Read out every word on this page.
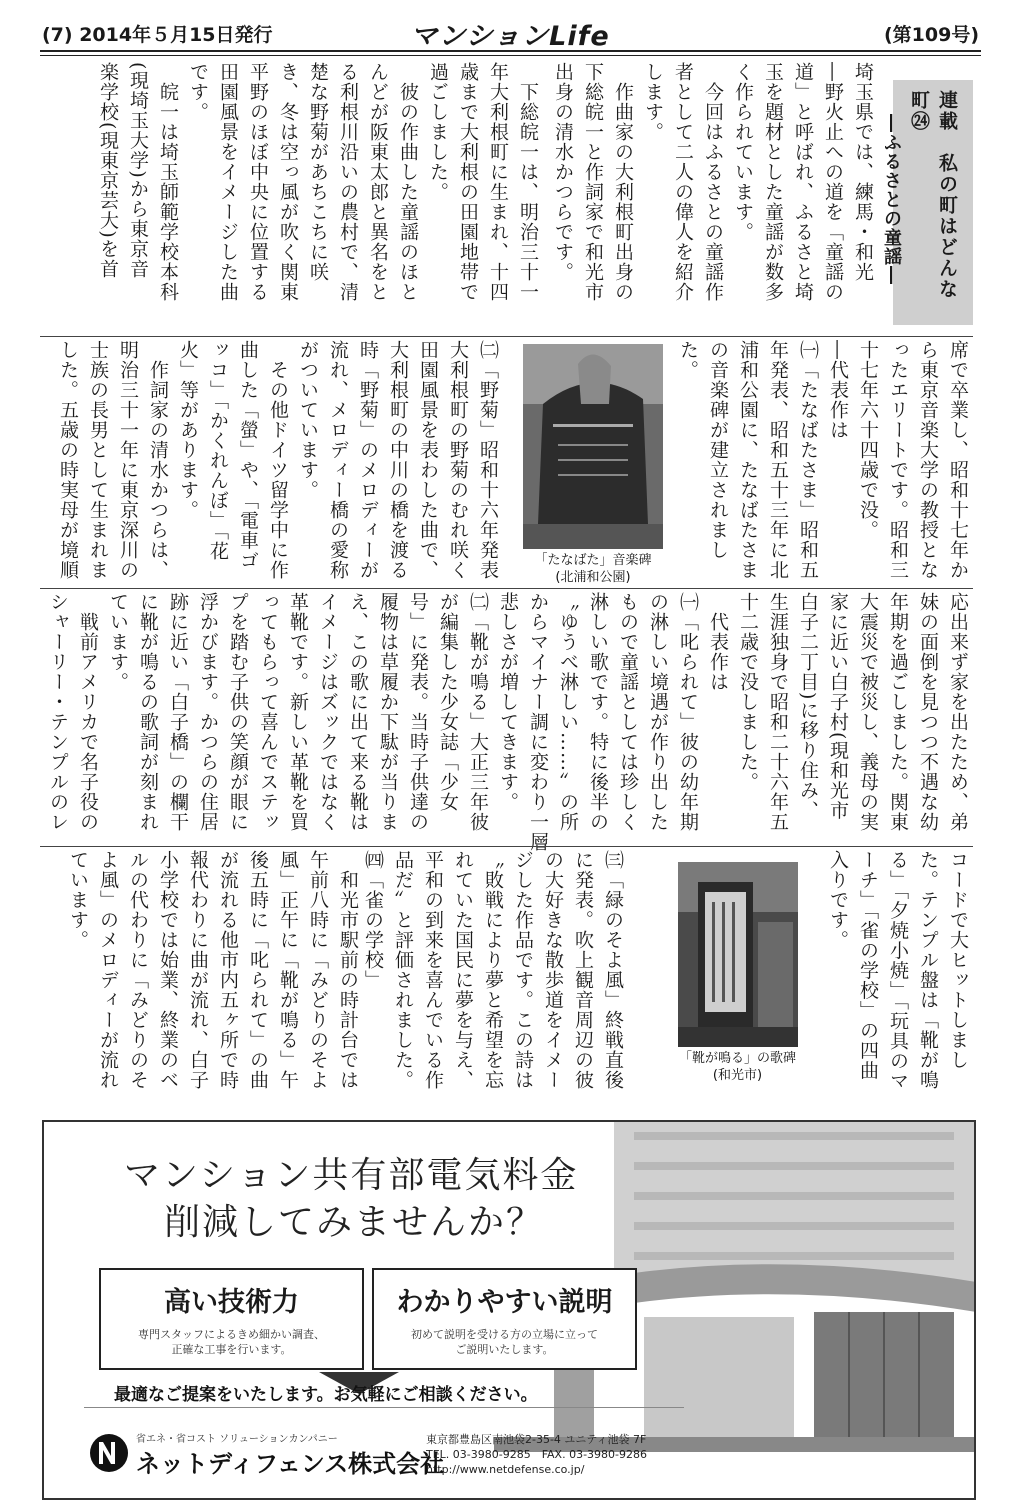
(7) 2014年５月15日発行	マンションLife	(第109号)
連載　私の町はどんな町㉔
―ふるさとの童謡―
埼玉県では、練馬・和光
―野火止への道を「童謡の
道」と呼ばれ、ふるさと埼
玉を題材とした童謡が数多
く作られています。
　今回はふるさとの童謡作
者として二人の偉人を紹介
します。
　作曲家の大利根町出身の
下総皖一と作詞家で和光市
出身の清水かつらです。
　下総皖一は、明治三十一
年大利根町に生まれ、十四
歳まで大利根の田園地帯で
過ごしました。
　彼の作曲した童謡のほと
んどが阪東太郎と異名をと
る利根川沿いの農村で、清
楚な野菊があちこちに咲
き、冬は空っ風が吹く関東
平野のほぼ中央に位置する
田園風景をイメージした曲
です。
　皖一は埼玉師範学校本科
(現埼玉大学)から東京音
楽学校(現東京芸大)を首
席で卒業し、昭和十七年か
ら東京音楽大学の教授とな
ったエリートです。昭和三
十七年六十四歳で没。
―代表作は
㈠「たなばたさま」昭和五
年発表、昭和五十三年に北
浦和公園に、たなばたさま
の音楽碑が建立されまし
た。
「たなばた」音楽碑
(北浦和公園)
㈡「野菊」昭和十六年発表
大利根町の野菊のむれ咲く
田園風景を表わした曲で、
大利根町の中川の橋を渡る
時「野菊」のメロディーが
流れ、メロディー橋の愛称
がついています。
　その他ドイツ留学中に作
曲した「螢」や、「電車ゴ
ッコ」「かくれんぼ」「花
火」等があります。
　作詞家の清水かつらは、
明治三十一年に東京深川の
士族の長男として生まれま
した。五歳の時実母が境順
応出来ず家を出たため、弟
妹の面倒を見つつ不遇な幼
年期を過ごしました。関東
大震災で被災し、義母の実
家に近い白子村(現和光市
白子二丁目)に移り住み、
生涯独身で昭和二十六年五
十二歳で没しました。
　代表作は
㈠「叱られて」彼の幼年期
の淋しい境遇が作り出した
もので童謡としては珍しく
淋しい歌です。特に後半の
〝ゆうべ淋しい……〟の所
からマイナー調に変わり一層
悲しさが増してきます。
㈡「靴が鳴る」大正三年彼
が編集した少女誌「少女
号」に発表。当時子供達の
履物は草履か下駄が当りま
え、この歌に出て来る靴は
イメージはズックではなく
革靴です。新しい革靴を買
ってもらって喜んでステッ
プを踏む子供の笑顔が眼に
浮かびます。かつらの住居
跡に近い「白子橋」の欄干
に靴が鳴るの歌詞が刻まれ
ています。
　戦前アメリカで名子役の
シャーリー・テンプルのレ
コードで大ヒットしまし
た。テンプル盤は「靴が鳴
る」「夕焼小焼」「玩具のマ
ーチ」「雀の学校」の四曲
入りです。
「靴が鳴る」の歌碑
(和光市)
㈢「緑のそよ風」終戦直後
に発表。吹上観音周辺の彼
の大好きな散歩道をイメー
ジした作品です。この詩は
〝敗戦により夢と希望を忘
れていた国民に夢を与え、
平和の到来を喜んでいる作
品だ〟と評価されました。
㈣「雀の学校」
　和光市駅前の時計台では
午前八時に「みどりのそよ
風」正午に「靴が鳴る」午
後五時に「叱られて」の曲
が流れる他市内五ヶ所で時
報代わりに曲が流れ、白子
小学校では始業、終業のベ
ルの代わりに「みどりのそ
よ風」のメロディーが流れ
ています。

マンション共有部電気料金
削減してみませんか？
高い技術力
専門スタッフによるきめ細かい調査、
正確な工事を行います。
わかりやすい説明
初めて説明を受ける方の立場に立って
ご説明いたします。
最適なご提案をいたします。お気軽にご相談ください。
省エネ・省コスト ソリューションカンパニー
ネットディフェンス株式会社
東京都豊島区南池袋2-35-4 ユニティ池袋 7F
TEL. 03-3980-9285　FAX. 03-3980-9286
http://www.netdefense.co.jp/
